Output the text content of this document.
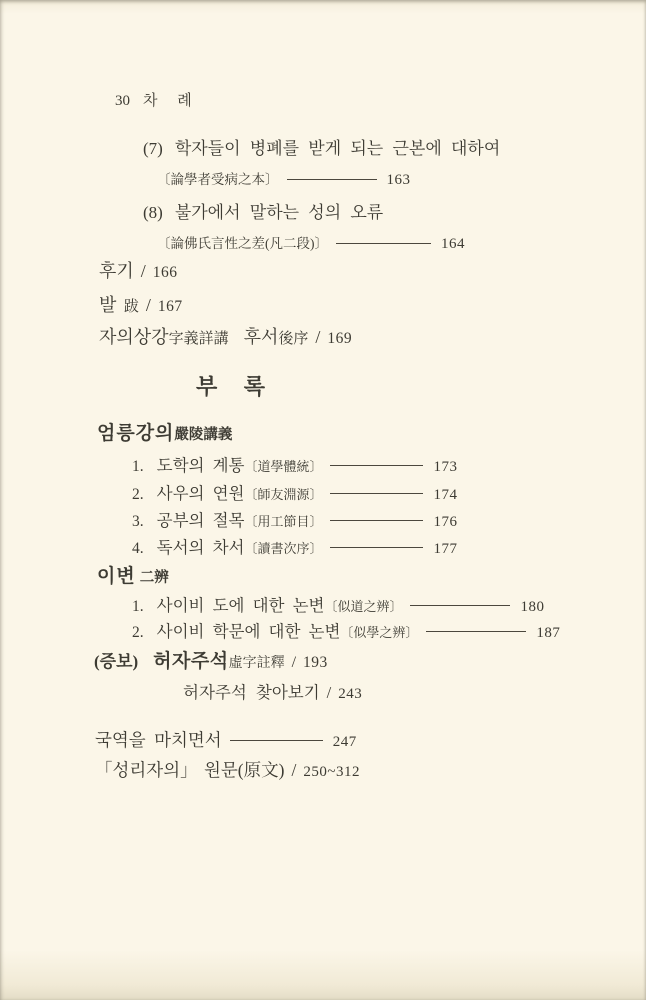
30 차 례
(7) 학자들이 병폐를 받게 되는 근본에 대하여
〔論學者受病之本〕	163
(8) 불가에서 말하는 성의 오류
〔論佛氏言性之差(凡二段)〕	164
후기 / 166
발 跋 / 167
자의상강字義詳講 후서後序 / 169
부 록
엄릉강의嚴陵講義
1. 도학의 계통〔道學體統〕	173
2. 사우의 연원〔師友淵源〕	174
3. 공부의 절목〔用工節目〕	176
4. 독서의 차서〔讀書次序〕	177
이변 二辨
1. 사이비 도에 대한 논변〔似道之辨〕	180
2. 사이비 학문에 대한 논변〔似學之辨〕	187
(증보) 허자주석虛字註釋 / 193
허자주석 찾아보기 / 243
국역을 마치면서	247
「성리자의」 원문(原文) / 250~312
